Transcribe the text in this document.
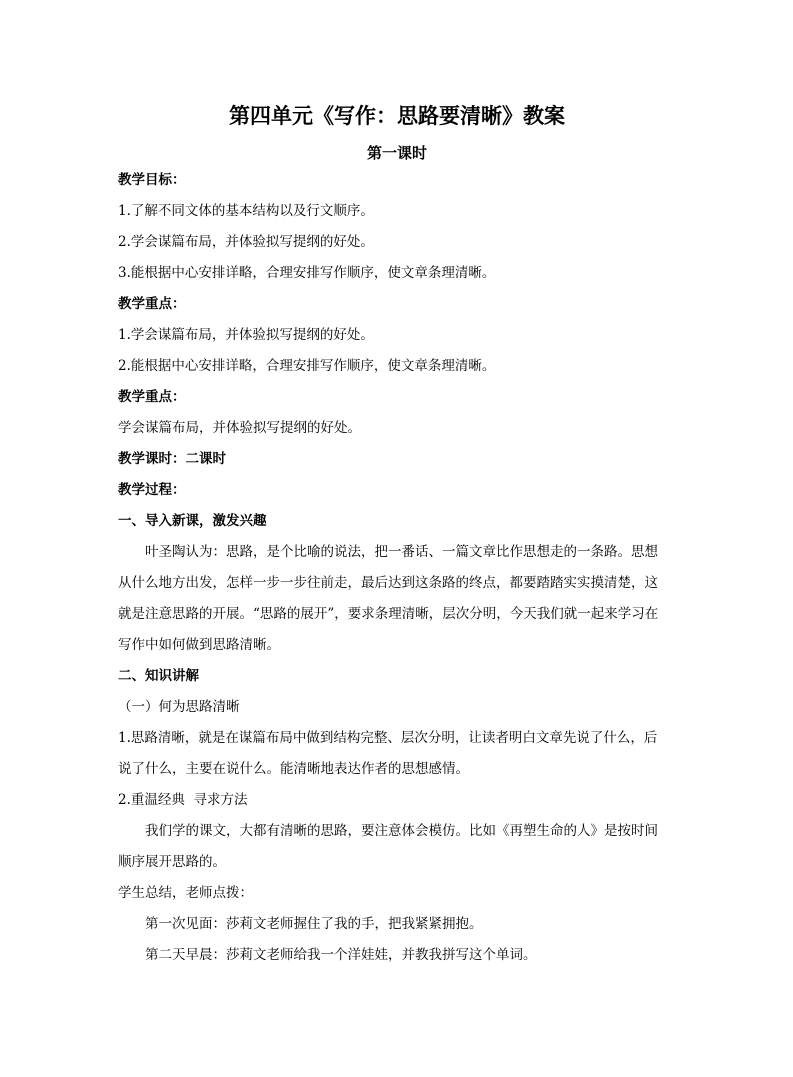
第四单元《写作：思路要清晰》教案
第一课时

教学目标：

1.了解不同文体的基本结构以及行文顺序。

2.学会谋篇布局，并体验拟写提纲的好处。

3.能根据中心安排详略，合理安排写作顺序，使文章条理清晰。

教学重点：

1.学会谋篇布局，并体验拟写提纲的好处。

2.能根据中心安排详略，合理安排写作顺序，使文章条理清晰。

教学重点：

学会谋篇布局，并体验拟写提纲的好处。

教学课时：二课时

教学过程：

一、导入新课，激发兴趣

叶圣陶认为：思路，是个比喻的说法，把一番话、一篇文章比作思想走的一条路。思想

从什么地方出发，怎样一步一步往前走，最后达到这条路的终点，都要踏踏实实摸清楚，这

就是注意思路的开展。“思路的展开”，要求条理清晰，层次分明，今天我们就一起来学习在

写作中如何做到思路清晰。

二、知识讲解

（一）何为思路清晰

1.思路清晰，就是在谋篇布局中做到结构完整、层次分明，让读者明白文章先说了什么，后

说了什么，主要在说什么。能清晰地表达作者的思想感情。

2.重温经典  寻求方法

我们学的课文，大都有清晰的思路，要注意体会模仿。比如《再塑生命的人》是按时间

顺序展开思路的。

学生总结，老师点拨：

第一次见面：莎莉文老师握住了我的手，把我紧紧拥抱。

第二天早晨：莎莉文老师给我一个洋娃娃，并教我拼写这个单词。
